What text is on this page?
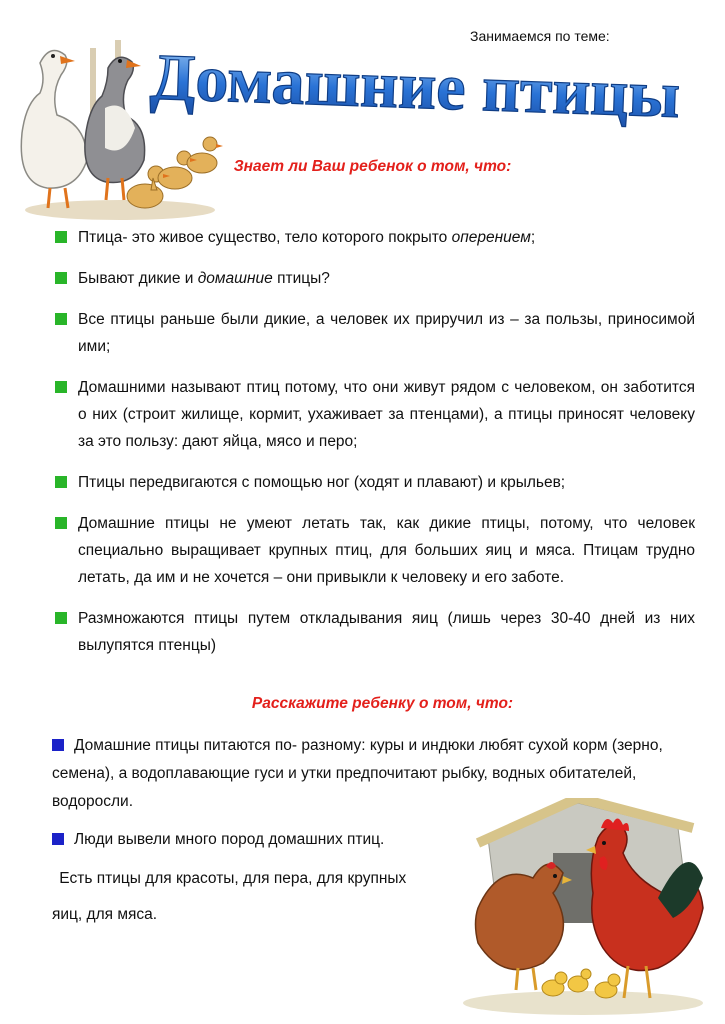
Занимаемся по теме:
Домашние птицы
Знает ли Ваш ребенок о том, что:
Птица- это живое существо, тело которого покрыто оперением;
Бывают дикие и домашние птицы?
Все птицы раньше были дикие, а человек их приручил из – за пользы, приносимой ими;
Домашними называют птиц потому, что они живут рядом с человеком, он заботится о них (строит жилище, кормит, ухаживает за птенцами), а птицы приносят человеку за это пользу: дают яйца, мясо и перо;
Птицы передвигаются с помощью ног (ходят и плавают) и крыльев;
Домашние птицы не умеют летать так, как дикие птицы, потому, что человек специально выращивает крупных птиц, для больших яиц и мяса. Птицам трудно летать, да им и не хочется – они привыкли к человеку и его заботе.
Размножаются птицы путем откладывания яиц (лишь через 30-40 дней из них вылупятся птенцы)
Расскажите ребенку о том, что:
Домашние птицы питаются по- разному: куры и индюки любят сухой корм (зерно, семена), а водоплавающие гуси и утки предпочитают рыбку, водных обитателей, водоросли.
Люди вывели много пород домашних птиц.
Есть птицы для красоты, для пера, для крупных
яиц, для мяса.
